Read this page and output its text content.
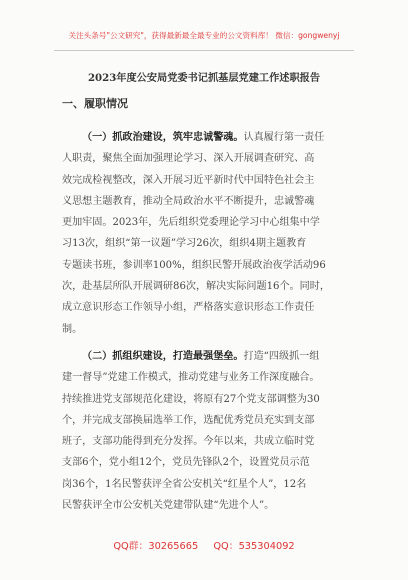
关注头条号"公文研究"，获得最新最全最专业的公文资料库！ 微信：gongwenyj
2023年度公安局党委书记抓基层党建工作述职报告
一、履职情况
（一）抓政治建设，筑牢忠诚警魂。认真履行第一责任
人职责，聚焦全面加强理论学习、深入开展调查研究、高
效完成检视整改，深入开展习近平新时代中国特色社会主
义思想主题教育，推动全局政治水平不断提升，忠诚警魂
更加牢固。2023年，先后组织党委理论学习中心组集中学
习13次，组织“第一议题”学习26次，组织4期主题教育
专题读书班，参训率100%，组织民警开展政治夜学活动96
次，赴基层所队开展调研86次，解决实际问题16个。同时，
成立意识形态工作领导小组，严格落实意识形态工作责任
制。
（二）抓组织建设，打造最强堡垒。打造“四级抓一组
建一督导”党建工作模式，推动党建与业务工作深度融合。
持续推进党支部规范化建设，将原有27个党支部调整为30
个，并完成支部换届选举工作，选配优秀党员充实到支部
班子，支部功能得到充分发挥。今年以来，共成立临时党
支部6个，党小组12个，党员先锋队2个，设置党员示范
岗36个，1名民警获评全省公安机关“红星个人”，12名
民警获评全市公安机关党建带队建“先进个人”。
QQ群：30265665 QQ：535304092
